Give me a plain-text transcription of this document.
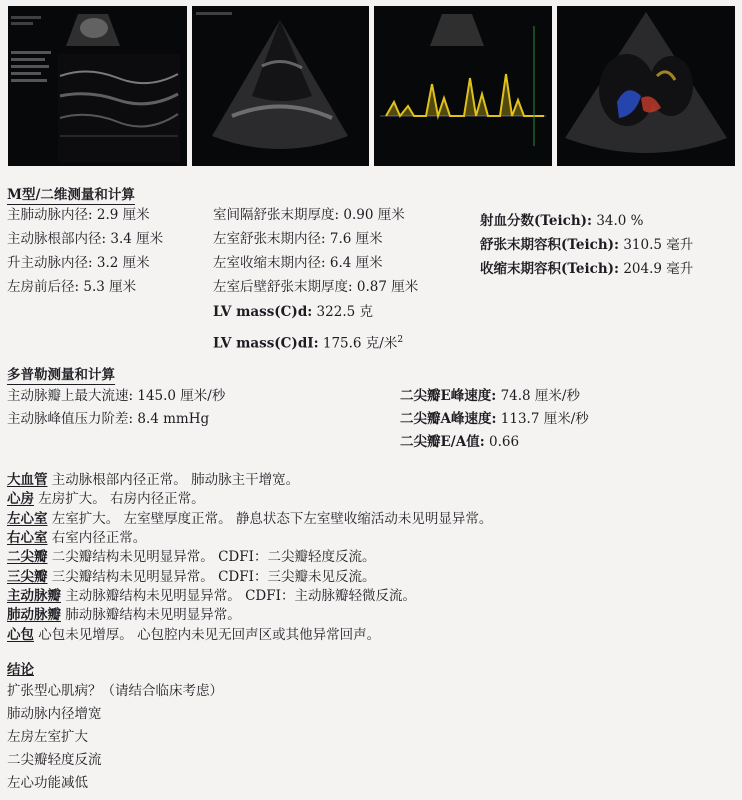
M型/二维测量和计算
主肺动脉内径: 2.9 厘米
主动脉根部内径: 3.4 厘米
升主动脉内径: 3.2 厘米
左房前后径: 5.3 厘米
室间隔舒张末期厚度: 0.90 厘米
左室舒张末期内径: 7.6 厘米
左室收缩末期内径: 6.4 厘米
左室后壁舒张末期厚度: 0.87 厘米
LV mass(C)d: 322.5 克
LV mass(C)dI: 175.6 克/米$^2$
射血分数(Teich): 34.0 %
舒张末期容积(Teich): 310.5 毫升
收缩末期容积(Teich): 204.9 毫升
多普勒测量和计算
主动脉瓣上最大流速: 145.0 厘米/秒
主动脉峰值压力阶差: 8.4 mmHg
二尖瓣E峰速度: 74.8 厘米/秒
二尖瓣A峰速度: 113.7 厘米/秒
二尖瓣E/A值: 0.66
大血管 主动脉根部内径正常。 肺动脉主干增宽。
心房 左房扩大。 右房内径正常。
左心室 左室扩大。 左室壁厚度正常。 静息状态下左室壁收缩活动未见明显异常。
右心室 右室内径正常。
二尖瓣 二尖瓣结构未见明显异常。 CDFI：二尖瓣轻度反流。
三尖瓣 三尖瓣结构未见明显异常。 CDFI：三尖瓣未见反流。
主动脉瓣 主动脉瓣结构未见明显异常。 CDFI：主动脉瓣轻微反流。
肺动脉瓣 肺动脉瓣结构未见明显异常。
心包 心包未见增厚。 心包腔内未见无回声区或其他异常回声。
结论
扩张型心肌病？（请结合临床考虑）
肺动脉内径增宽
左房左室扩大
二尖瓣轻度反流
左心功能减低
